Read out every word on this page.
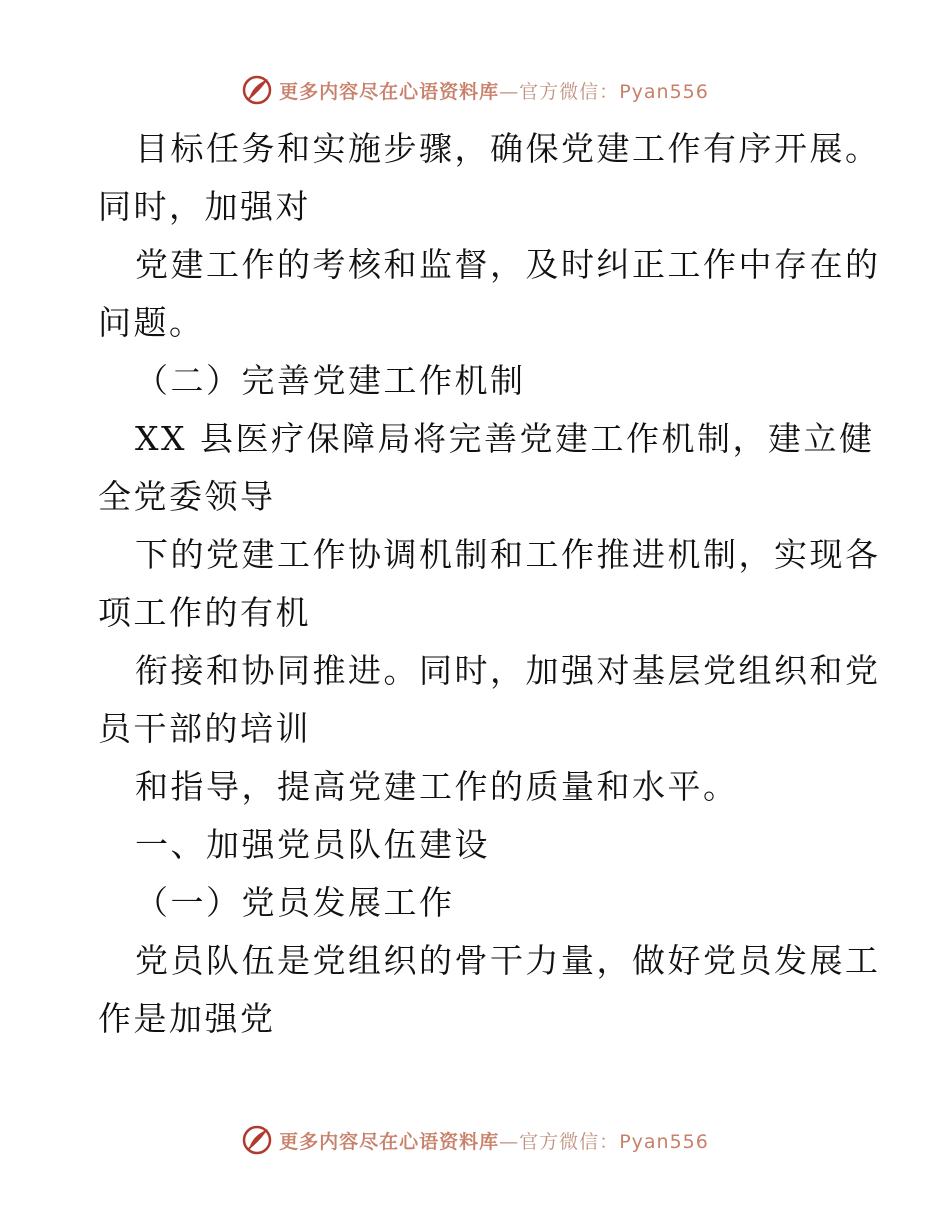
更多内容尽在心语资料库—官方微信：Pyan556
目标任务和实施步骤，确保党建工作有序开展。
同时，加强对
党建工作的考核和监督，及时纠正工作中存在的
问题。
（二）完善党建工作机制
XX 县医疗保障局将完善党建工作机制，建立健
全党委领导
下的党建工作协调机制和工作推进机制，实现各
项工作的有机
衔接和协同推进。同时，加强对基层党组织和党
员干部的培训
和指导，提高党建工作的质量和水平。
一、加强党员队伍建设
（一）党员发展工作
党员队伍是党组织的骨干力量，做好党员发展工
作是加强党
更多内容尽在心语资料库—官方微信：Pyan556
